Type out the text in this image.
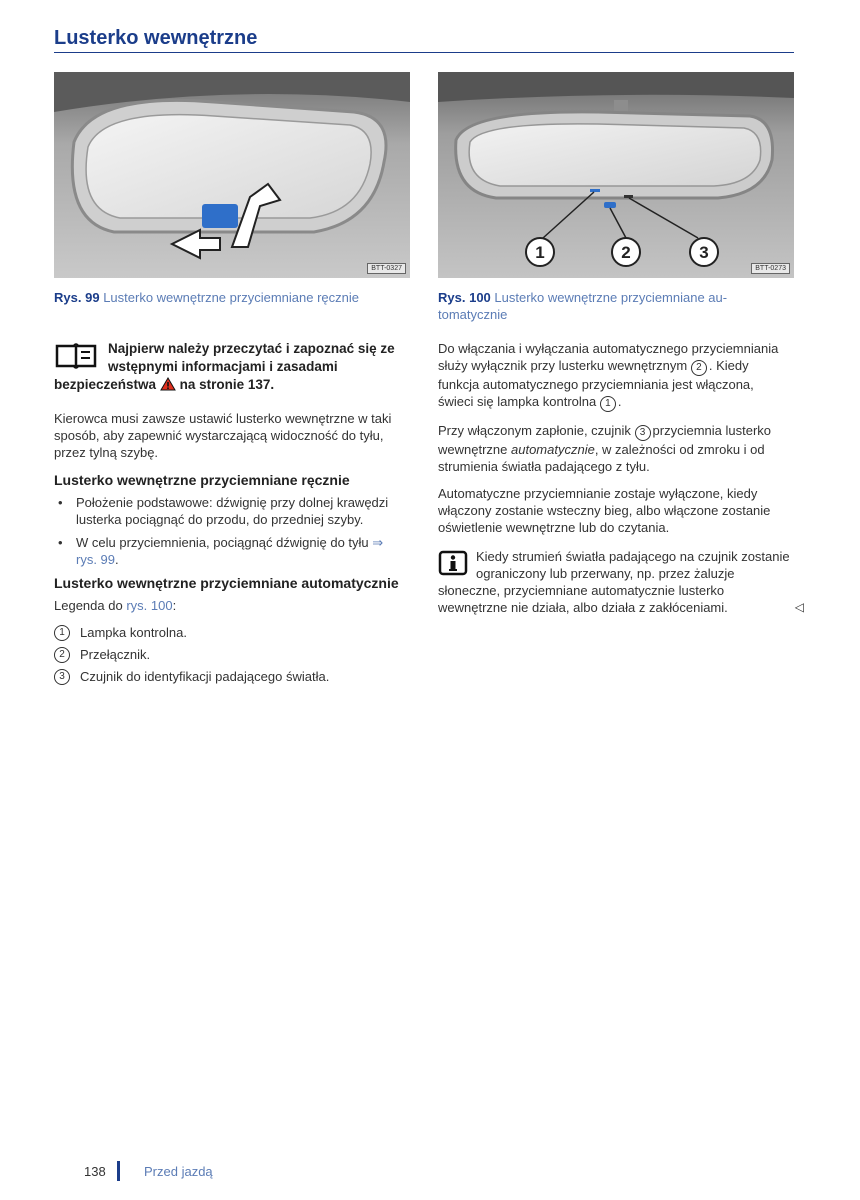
Lusterko wewnętrzne
BTT-0327
1	2	3
BTT-0273
Rys. 99 Lusterko wewnętrzne przyciemniane ręcznie	Rys. 100 Lusterko wewnętrzne przyciemniane automatycznie
Najpierw należy przeczytać i zapoznać się ze wstępnymi informacjami i zasadami bezpieczeństwa na stronie 137.

Kierowca musi zawsze ustawić lusterko wewnętrzne w taki sposób, aby zapewnić wystarczającą widoczność do tyłu, przez tylną szybę.

Lusterko wewnętrzne przyciemniane ręcznie
• Położenie podstawowe: dźwignię przy dolnej krawędzi lusterka pociągnąć do przodu, do przedniej szyby.
• W celu przyciemnienia, pociągnąć dźwignię do tyłu ⇒ rys. 99.
Lusterko wewnętrzne przyciemniane automatycznie

Legenda do rys. 100:

1	Lampka kontrolna.
2	Przełącznik.
3	Czujnik do identyfikacji padającego światła.

Do włączania i wyłączania automatycznego przyciemniania służy wyłącznik przy lusterku wewnętrznym 2 . Kiedy funkcja automatycznego przyciemniania jest włączona, świeci się lampka kontrolna 1 .

Przy włączonym zapłonie, czujnik 3 przyciemnia lusterko wewnętrzne automatycznie, w zależności od zmroku i od strumienia światła padającego z tyłu.

Automatyczne przyciemnianie zostaje wyłączone, kiedy włączony zostanie wsteczny bieg, albo włączone zostanie oświetlenie wewnętrzne lub do czytania.

Kiedy strumień światła padającego na czujnik zostanie ograniczony lub przerwany, np. przez żaluzje słoneczne, przyciemniane automatycznie lusterko wewnętrzne nie działa, albo działa z zakłóceniami.	◁
138	Przed jazdą
